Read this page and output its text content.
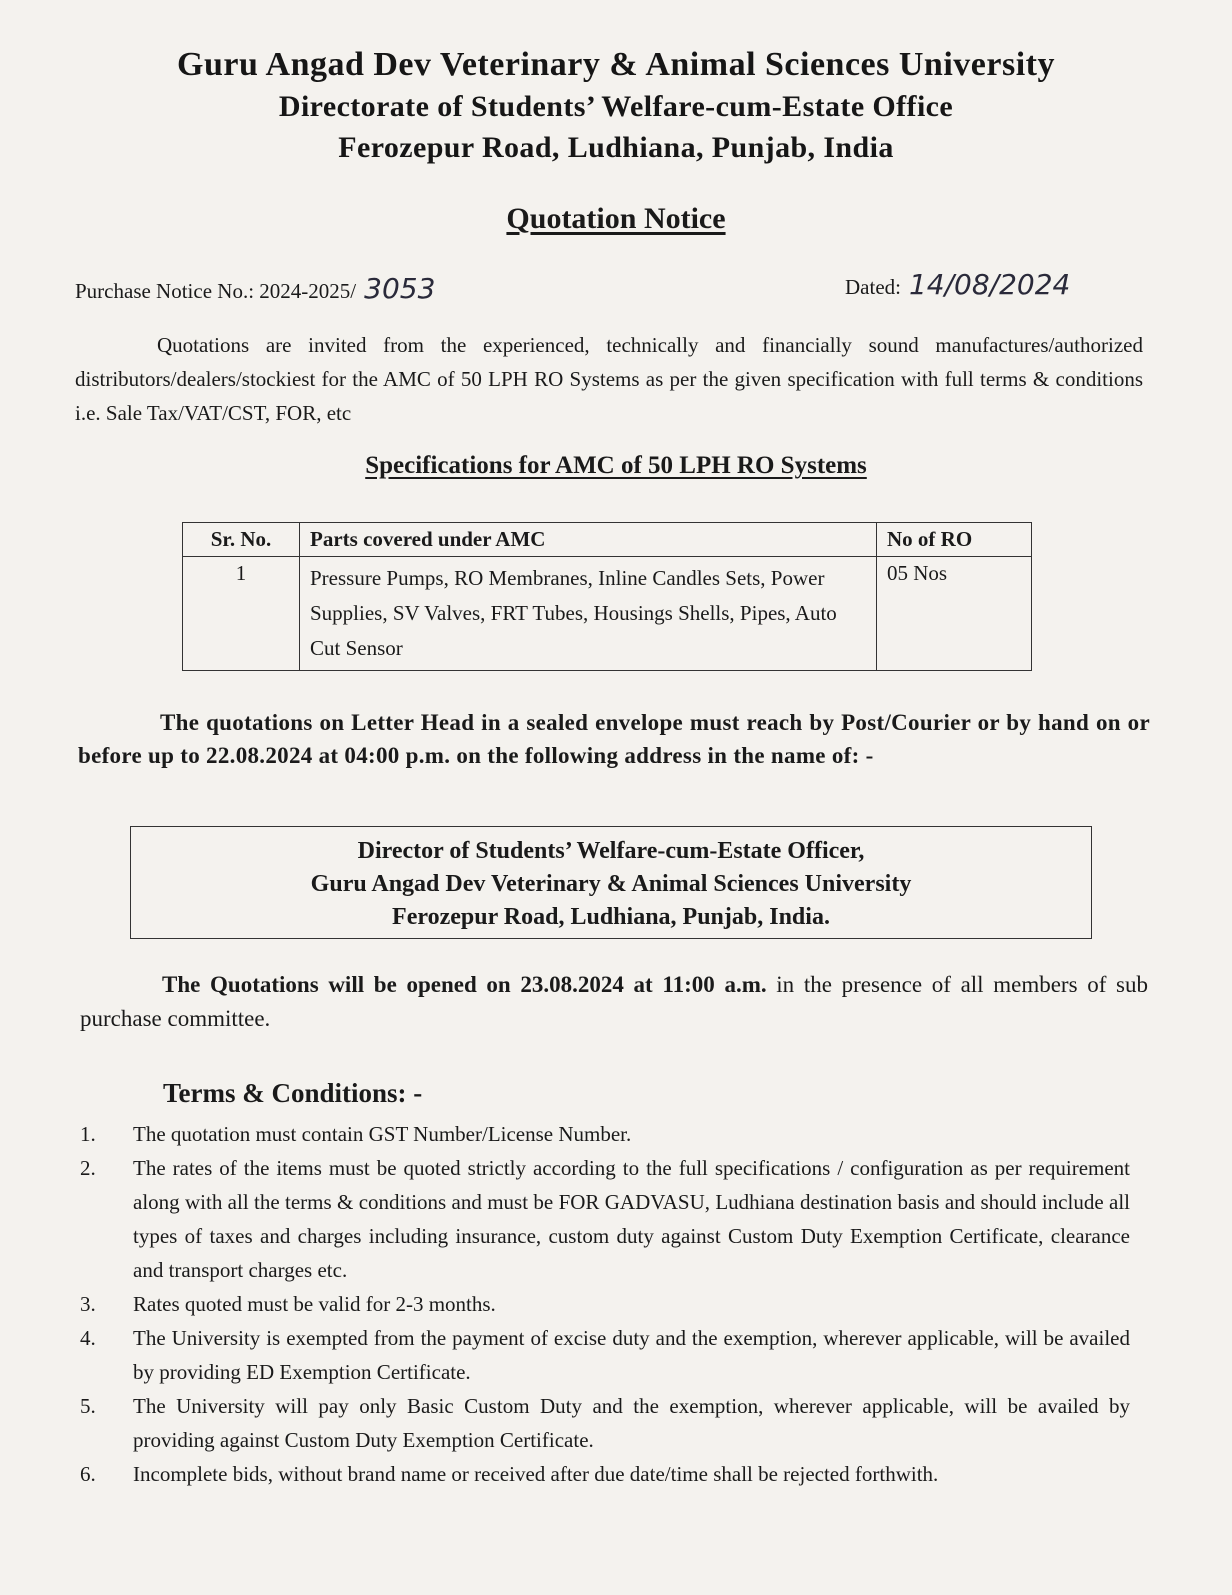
Guru Angad Dev Veterinary & Animal Sciences University
Directorate of Students’ Welfare-cum-Estate Office
Ferozepur Road, Ludhiana, Punjab, India
Quotation Notice
Purchase Notice No.: 2024-2025/ 3053	Dated: 14/08/2024
Quotations are invited from the experienced, technically and financially sound manufactures/authorized distributors/dealers/stockiest for the AMC of 50 LPH RO Systems as per the given specification with full terms & conditions i.e. Sale Tax/VAT/CST, FOR, etc
Specifications for AMC of 50 LPH RO Systems
Sr. No.	Parts covered under AMC	No of RO
1	Pressure Pumps, RO Membranes, Inline Candles Sets, Power Supplies, SV Valves, FRT Tubes, Housings Shells, Pipes, Auto Cut Sensor	05 Nos
The quotations on Letter Head in a sealed envelope must reach by Post/Courier or by hand on or before up to 22.08.2024 at 04:00 p.m. on the following address in the name of: -
Director of Students’ Welfare-cum-Estate Officer,
Guru Angad Dev Veterinary & Animal Sciences University
Ferozepur Road, Ludhiana, Punjab, India.
The Quotations will be opened on 23.08.2024 at 11:00 a.m. in the presence of all members of sub purchase committee.
Terms & Conditions: -
1. The quotation must contain GST Number/License Number.
2. The rates of the items must be quoted strictly according to the full specifications / configuration as per requirement along with all the terms & conditions and must be FOR GADVASU, Ludhiana destination basis and should include all types of taxes and charges including insurance, custom duty against Custom Duty Exemption Certificate, clearance and transport charges etc.
3. Rates quoted must be valid for 2-3 months.
4. The University is exempted from the payment of excise duty and the exemption, wherever applicable, will be availed by providing ED Exemption Certificate.
5. The University will pay only Basic Custom Duty and the exemption, wherever applicable, will be availed by providing against Custom Duty Exemption Certificate.
6. Incomplete bids, without brand name or received after due date/time shall be rejected forthwith.
